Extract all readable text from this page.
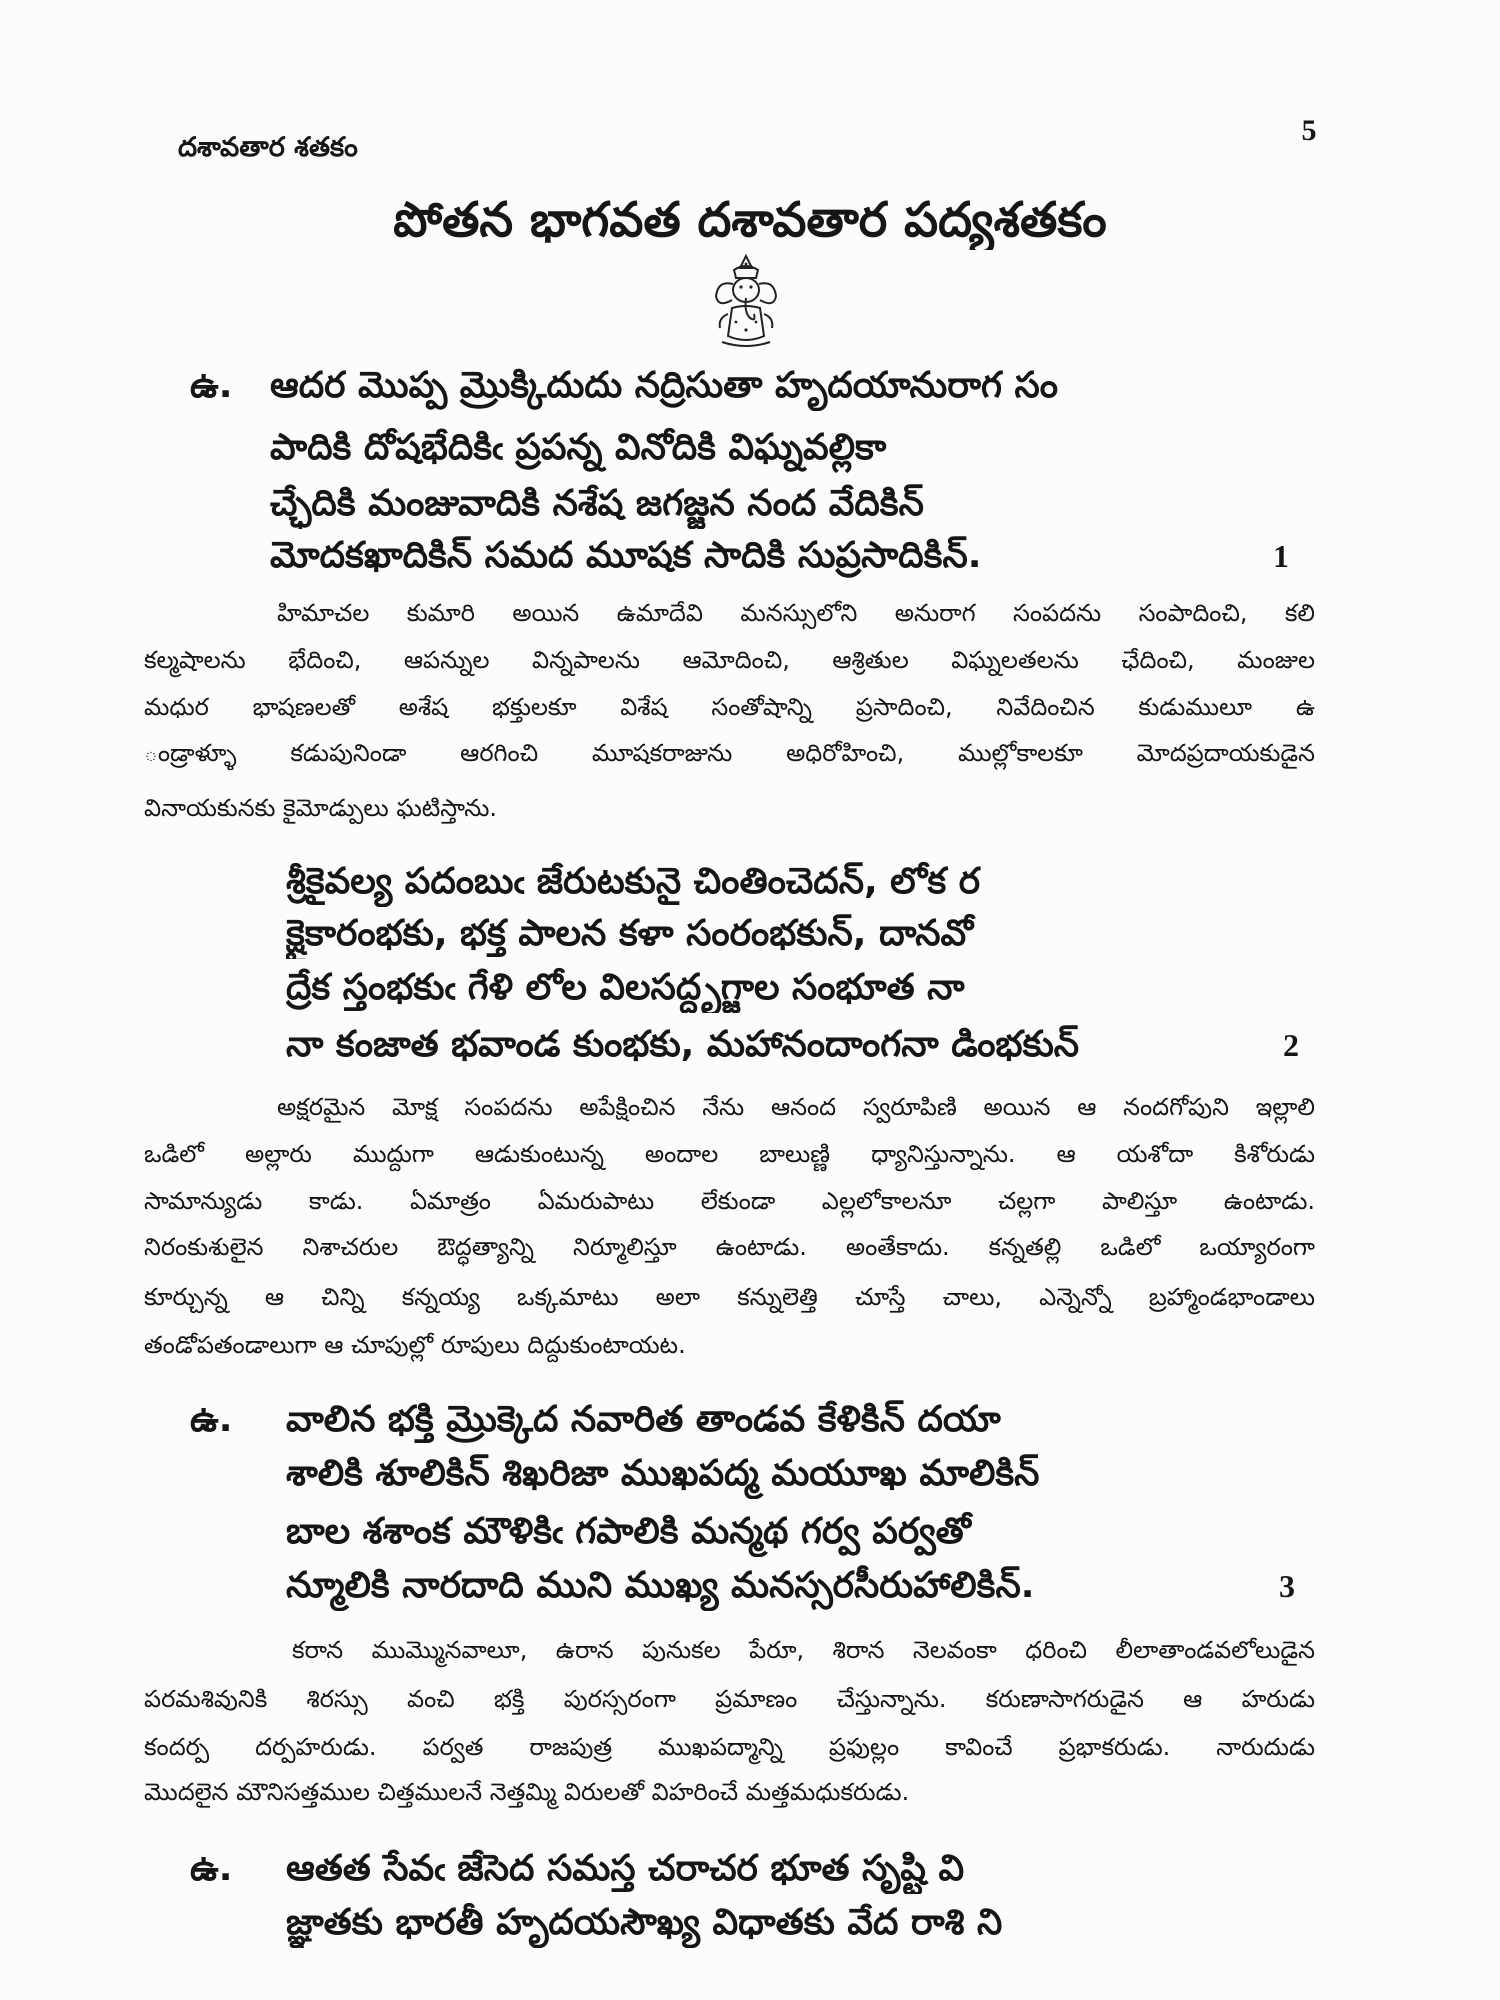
దశావతార శతకం
5
పోతన భాగవత దశావతార పద్యశతకం
ఉ.	ఆదర మొప్ప మ్రొక్కిదుదు నద్రిసుతా హృదయానురాగ సం
పాదికి దోషభేదికిఁ ప్రపన్న వినోదికి విఘ్నవల్లికా
చ్ఛేదికి మంజువాదికి నశేష జగజ్జన నంద వేదికిన్
మోదకఖాదికిన్ సమద మూషక సాదికి సుప్రసాదికిన్.	1
హిమాచల కుమారి అయిన ఉమాదేవి మనస్సులోని అనురాగ సంపదను సంపాదించి, కలి
కల్మషాలను భేదించి, ఆపన్నుల విన్నపాలను ఆమోదించి, ఆశ్రితుల విఘ్నలతలను ఛేదించి, మంజుల
మధుర భాషణలతో అశేష భక్తులకూ విశేష సంతోషాన్ని ప్రసాదించి, నివేదించిన కుడుములూ ఉ
ండ్రాళ్ళూ కడుపునిండా ఆరగించి మూషకరాజును అధిరోహించి, ముల్లోకాలకూ మోదప్రదాయకుడైన
వినాయకునకు కైమోడ్పులు ఘటిస్తాను.
శ్రీకైవల్య పదంబుఁ జేరుటకునై చింతించెదన్, లోక ర
క్షైకారంభకు, భక్త పాలన కళా సంరంభకున్, దానవో
ద్రేక స్తంభకుఁ గేళి లోల విలసద్దృగ్జాల సంభూత నా
నా కంజాత భవాండ కుంభకు, మహానందాంగనా డింభకున్	2
అక్షరమైన మోక్ష సంపదను అపేక్షించిన నేను ఆనంద స్వరూపిణి అయిన ఆ నందగోపుని ఇల్లాలి
ఒడిలో అల్లారు ముద్దుగా ఆడుకుంటున్న అందాల బాలుణ్ణి ధ్యానిస్తున్నాను. ఆ యశోదా కిశోరుడు
సామాన్యుడు కాడు. ఏమాత్రం ఏమరుపాటు లేకుండా ఎల్లలోకాలనూ చల్లగా పాలిస్తూ ఉంటాడు.
నిరంకుశులైన నిశాచరుల ఔద్ధత్యాన్ని నిర్మూలిస్తూ ఉంటాడు. అంతేకాదు. కన్నతల్లి ఒడిలో ఒయ్యారంగా
కూర్చున్న ఆ చిన్ని కన్నయ్య ఒక్కమాటు అలా కన్నులెత్తి చూస్తే చాలు, ఎన్నెన్నో బ్రహ్మాండభాండాలు
తండోపతండాలుగా ఆ చూపుల్లో రూపులు దిద్దుకుంటాయట.
ఉ.	వాలిన భక్తి మ్రొక్కెద నవారిత తాండవ కేళికిన్ దయా
శాలికి శూలికిన్ శిఖరిజా ముఖపద్మ మయూఖ మాలికిన్
బాల శశాంక మౌళికిఁ గపాలికి మన్మథ గర్వ పర్వతో
న్మూలికి నారదాది ముని ముఖ్య మనస్సరసీరుహాలికిన్.	3
కరాన ముమ్మొనవాలూ, ఉరాన పునుకల పేరూ, శిరాన నెలవంకా ధరించి లీలాతాండవలోలుడైన
పరమశివునికి శిరస్సు వంచి భక్తి పురస్సరంగా ప్రమాణం చేస్తున్నాను. కరుణాసాగరుడైన ఆ హరుడు
కందర్ప దర్పహరుడు. పర్వత రాజపుత్ర ముఖపద్మాన్ని ప్రఫుల్లం కావించే ప్రభాకరుడు. నారుదుడు
మొదలైన మౌనిసత్తముల చిత్తములనే నెత్తమ్మి విరులతో విహరించే మత్తమధుకరుడు.
ఉ.	ఆతత సేవఁ జేసెద సమస్త చరాచర భూత సృష్టి వి
జ్ఞాతకు భారతీ హృదయసౌఖ్య విధాతకు వేద రాశి ని
